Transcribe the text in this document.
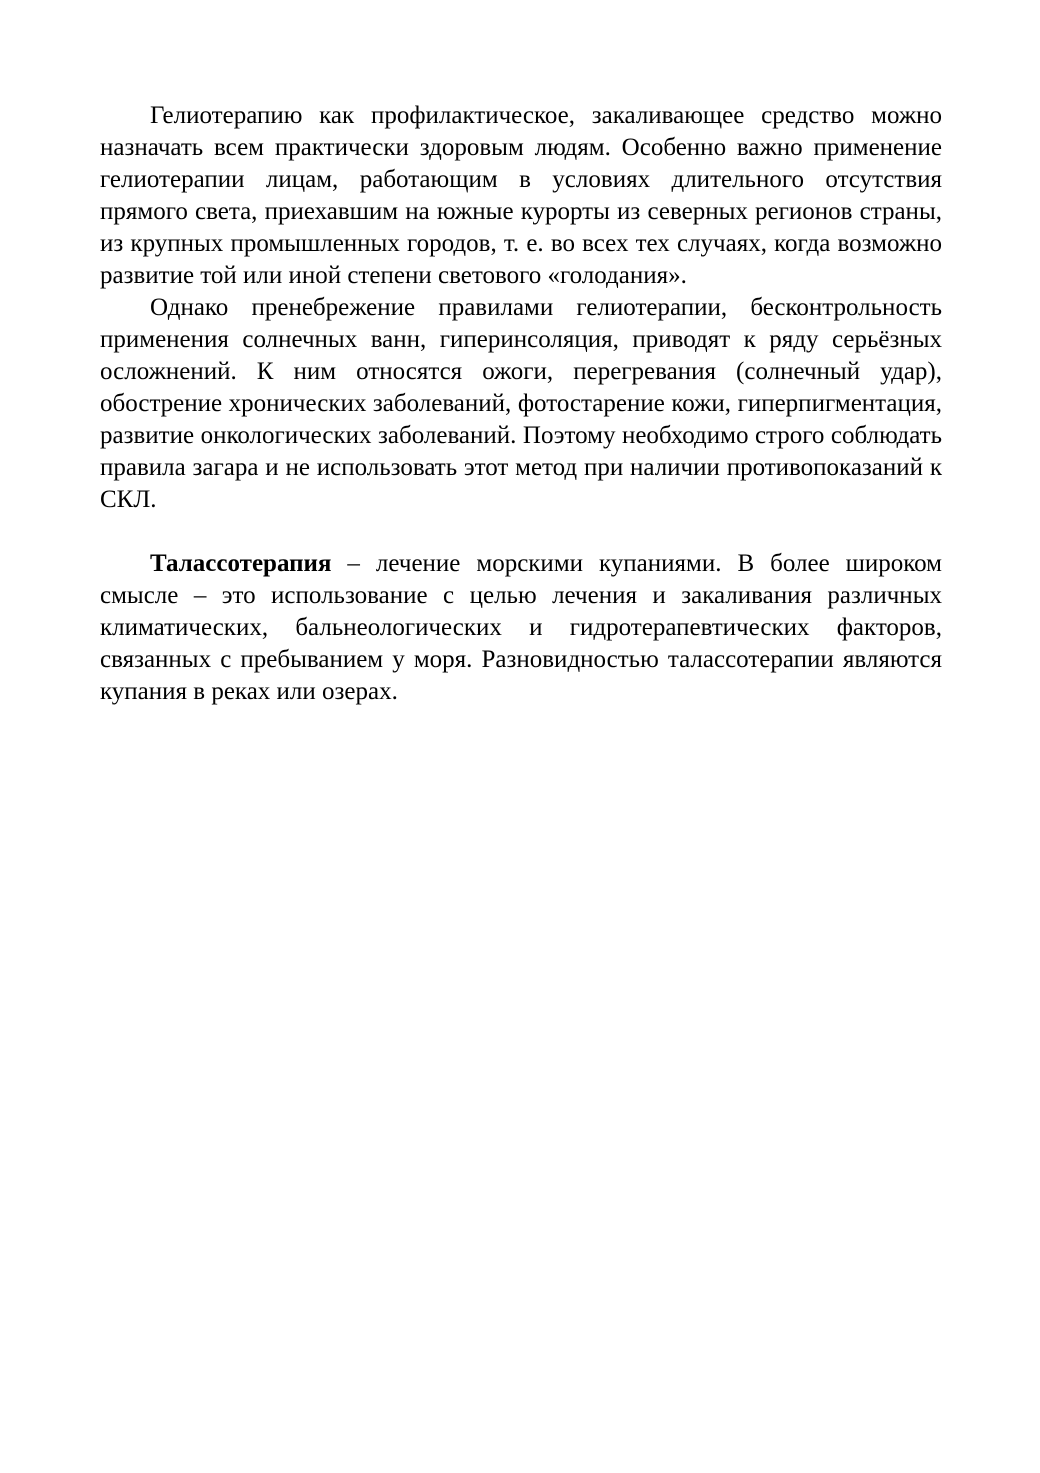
Гелиотерапию как профилактическое, закаливающее средство можно назначать всем практически здоровым людям. Особенно важно применение гелиотерапии лицам, работающим в условиях длительного отсутствия прямого света, приехавшим на южные курорты из северных регионов страны, из крупных промышленных городов, т. е. во всех тех случаях, когда возможно развитие той или иной степени светового «голодания».

Однако пренебрежение правилами гелиотерапии, бесконтрольность применения солнечных ванн, гиперинсоляция, приводят к ряду серьёзных осложнений. К ним относятся ожоги, перегревания (солнечный удар), обострение хронических заболеваний, фотостарение кожи, гиперпигментация, развитие онкологических заболеваний. Поэтому необходимо строго соблюдать правила загара и не использовать этот метод при наличии противопоказаний к СКЛ.

Талассотерапия – лечение морскими купаниями. В более широком смысле – это использование с целью лечения и закаливания различных климатических, бальнеологических и гидротерапевтических факторов, связанных с пребыванием у моря. Разновидностью талассотерапии являются купания в реках или озерах.
